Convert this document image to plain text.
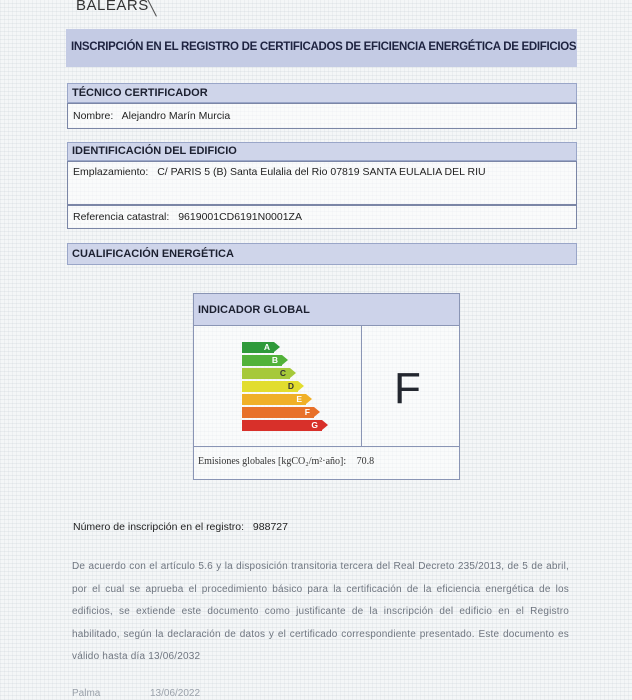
BALEARS ╲
INSCRIPCIÓN EN EL REGISTRO DE CERTIFICADOS DE EFICIENCIA ENERGÉTICA DE EDIFICIOS
TÉCNICO CERTIFICADOR
Nombre: Alejandro Marín Murcia
IDENTIFICACIÓN DEL EDIFICIO
Emplazamiento: C/ PARIS 5 (B) Santa Eulalia del Rio 07819 SANTA EULALIA DEL RIU
Referencia catastral: 9619001CD6191N0001ZA
CUALIFICACIÓN ENERGÉTICA
INDICADOR GLOBAL
A
B
C
D
E
F
G
F
Emisiones globales [kgCO₂/m²·año]: 70.8
Número de inscripción en el registro: 988727
De acuerdo con el artículo 5.6 y la disposición transitoria tercera del Real Decreto 235/2013, de 5 de abril, por el cual se aprueba el procedimiento básico para la certificación de la eficiencia energética de los edificios, se extiende este documento como justificante de la inscripción del edificio en el Registro habilitado, según la declaración de datos y el certificado correspondiente presentado. Este documento es válido hasta día 13/06/2032
Palma	13/06/2022
